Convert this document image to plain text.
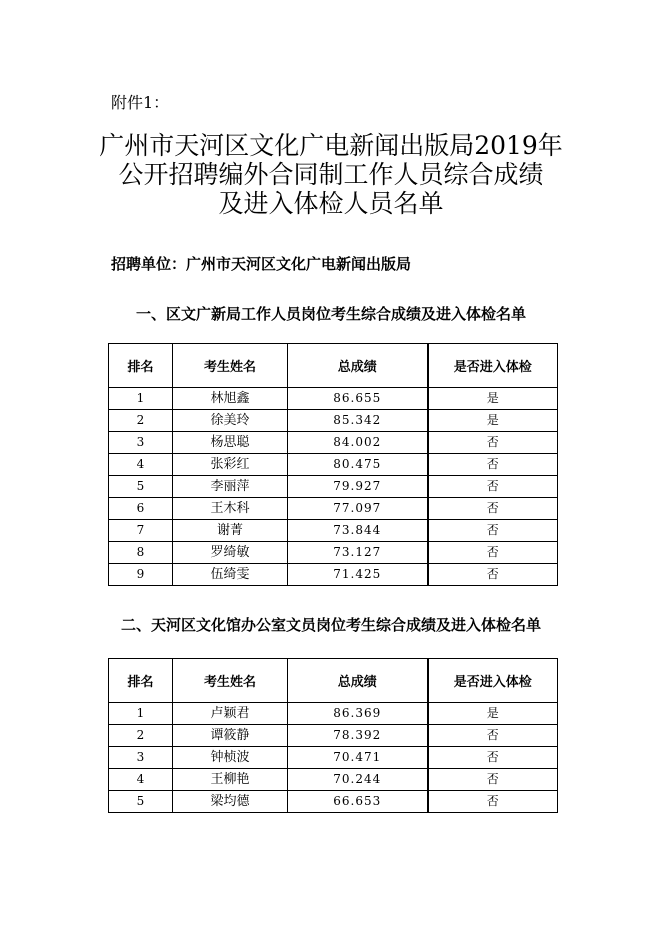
附件1：
广州市天河区文化广电新闻出版局2019年
公开招聘编外合同制工作人员综合成绩
及进入体检人员名单
招聘单位：广州市天河区文化广电新闻出版局
一、区文广新局工作人员岗位考生综合成绩及进入体检名单
排名	考生姓名	总成绩	是否进入体检
1	林旭鑫	86.655	是
2	徐美玲	85.342	是
3	杨思聪	84.002	否
4	张彩红	80.475	否
5	李丽萍	79.927	否
6	王木科	77.097	否
7	谢菁	73.844	否
8	罗绮敏	73.127	否
9	伍绮雯	71.425	否
二、天河区文化馆办公室文员岗位考生综合成绩及进入体检名单
排名	考生姓名	总成绩	是否进入体检
1	卢颖君	86.369	是
2	谭筱静	78.392	否
3	钟桢波	70.471	否
4	王柳艳	70.244	否
5	梁均德	66.653	否
